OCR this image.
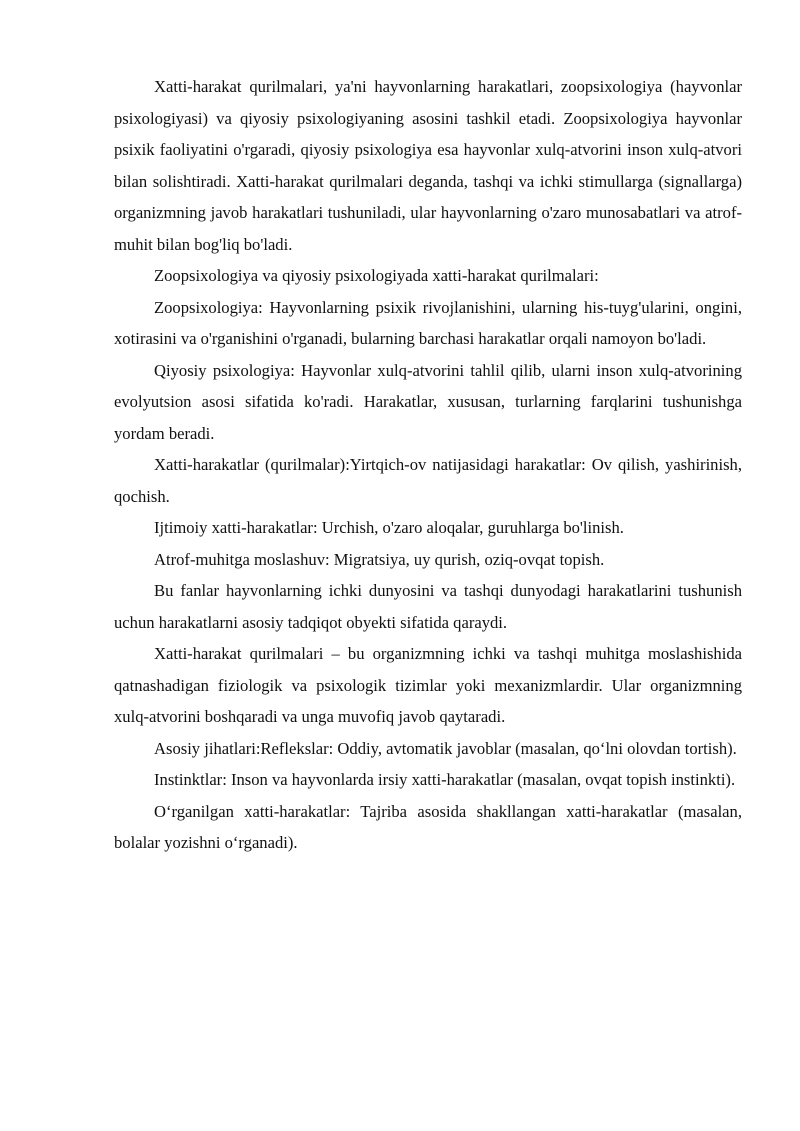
Xatti-harakat qurilmalari, ya'ni hayvonlarning harakatlari, zoopsixologiya (hayvonlar psixologiyasi) va qiyosiy psixologiyaning asosini tashkil etadi. Zoopsixologiya hayvonlar psixik faoliyatini o'rgaradi, qiyosiy psixologiya esa hayvonlar xulq-atvorini inson xulq-atvori bilan solishtiradi. Xatti-harakat qurilmalari deganda, tashqi va ichki stimullarga (signallarga) organizmning javob harakatlari tushuniladi, ular hayvonlarning o'zaro munosabatlari va atrof-muhit bilan bog'liq bo'ladi.

Zoopsixologiya va qiyosiy psixologiyada xatti-harakat qurilmalari:

Zoopsixologiya: Hayvonlarning psixik rivojlanishini, ularning his-tuyg'ularini, ongini, xotirasini va o'rganishini o'rganadi, bularning barchasi harakatlar orqali namoyon bo'ladi.

Qiyosiy psixologiya: Hayvonlar xulq-atvorini tahlil qilib, ularni inson xulq-atvorining evolyutsion asosi sifatida ko'radi. Harakatlar, xususan, turlarning farqlarini tushunishga yordam beradi.

Xatti-harakatlar (qurilmalar):Yirtqich-ov natijasidagi harakatlar: Ov qilish, yashirinish, qochish.

Ijtimoiy xatti-harakatlar: Urchish, o'zaro aloqalar, guruhlarga bo'linish.

Atrof-muhitga moslashuv: Migratsiya, uy qurish, oziq-ovqat topish.

Bu fanlar hayvonlarning ichki dunyosini va tashqi dunyodagi harakatlarini tushunish uchun harakatlarni asosiy tadqiqot obyekti sifatida qaraydi.

Xatti-harakat qurilmalari – bu organizmning ichki va tashqi muhitga moslashishida qatnashadigan fiziologik va psixologik tizimlar yoki mexanizmlardir. Ular organizmning xulq-atvorini boshqaradi va unga muvofiq javob qaytaradi.

Asosiy jihatlari:Reflekslar: Oddiy, avtomatik javoblar (masalan, qo‘lni olovdan tortish).

Instinktlar: Inson va hayvonlarda irsiy xatti-harakatlar (masalan, ovqat topish instinkti).

O‘rganilgan xatti-harakatlar: Tajriba asosida shakllangan xatti-harakatlar (masalan, bolalar yozishni o‘rganadi).
